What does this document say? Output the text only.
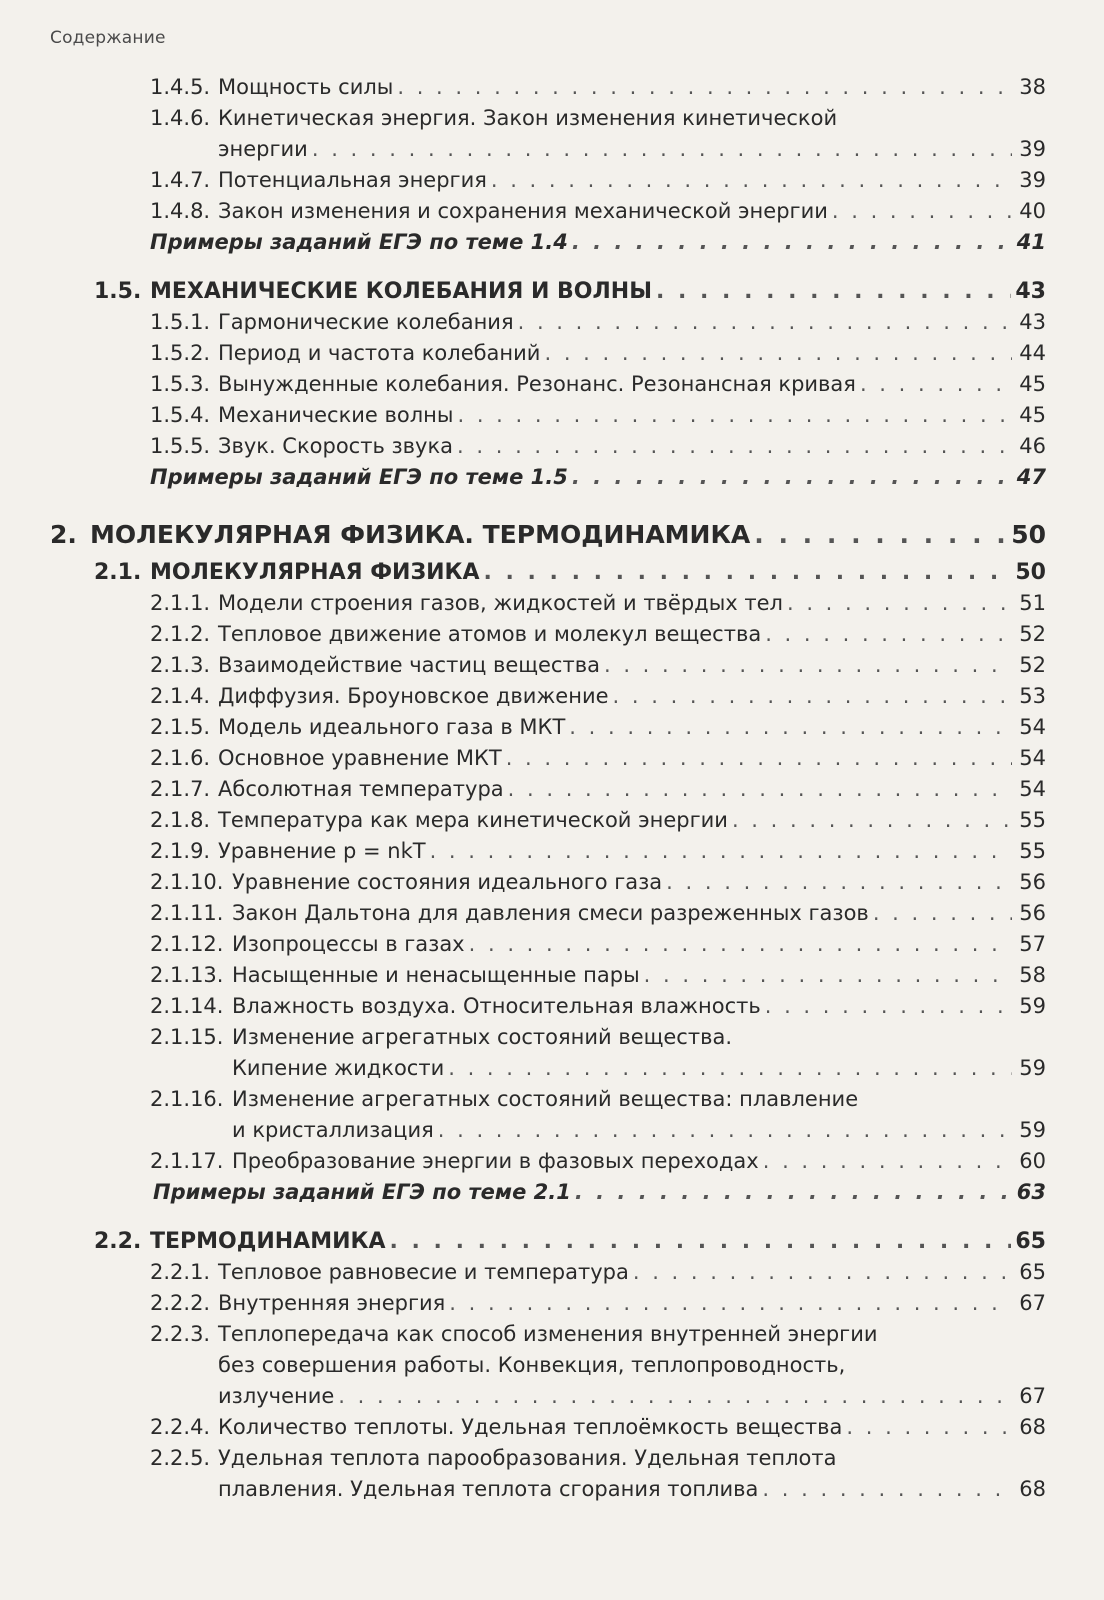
Содержание
1.4.5. Мощность силы . . .	38
1.4.6. Кинетическая энергия. Закон изменения кинетической
энергии . . .	39
1.4.7. Потенциальная энергия . . .	39
1.4.8. Закон изменения и сохранения механической энергии . . .	40
Примеры заданий ЕГЭ по теме 1.4 . . .	41
1.5. МЕХАНИЧЕСКИЕ КОЛЕБАНИЯ И ВОЛНЫ . . .	43
1.5.1. Гармонические колебания . . .	43
1.5.2. Период и частота колебаний . . .	44
1.5.3. Вынужденные колебания. Резонанс. Резонансная кривая . . .	45
1.5.4. Механические волны . . .	45
1.5.5. Звук. Скорость звука . . .	46
Примеры заданий ЕГЭ по теме 1.5 . . .	47
2. МОЛЕКУЛЯРНАЯ ФИЗИКА. ТЕРМОДИНАМИКА . . .	50
2.1. МОЛЕКУЛЯРНАЯ ФИЗИКА . . .	50
2.1.1. Модели строения газов, жидкостей и твёрдых тел . . .	51
2.1.2. Тепловое движение атомов и молекул вещества . . .	52
2.1.3. Взаимодействие частиц вещества . . .	52
2.1.4. Диффузия. Броуновское движение . . .	53
2.1.5. Модель идеального газа в МКТ . . .	54
2.1.6. Основное уравнение МКТ . . .	54
2.1.7. Абсолютная температура . . .	54
2.1.8. Температура как мера кинетической энергии . . .	55
2.1.9. Уравнение p = nkT . . .	55
2.1.10. Уравнение состояния идеального газа . . .	56
2.1.11. Закон Дальтона для давления смеси разреженных газов . . .	56
2.1.12. Изопроцессы в газах . . .	57
2.1.13. Насыщенные и ненасыщенные пары . . .	58
2.1.14. Влажность воздуха. Относительная влажность . . .	59
2.1.15. Изменение агрегатных состояний вещества.
Кипение жидкости . . .	59
2.1.16. Изменение агрегатных состояний вещества: плавление
и кристаллизация . . .	59
2.1.17. Преобразование энергии в фазовых переходах . . .	60
Примеры заданий ЕГЭ по теме 2.1 . . .	63
2.2. ТЕРМОДИНАМИКА . . .	65
2.2.1. Тепловое равновесие и температура . . .	65
2.2.2. Внутренняя энергия . . .	67
2.2.3. Теплопередача как способ изменения внутренней энергии
без совершения работы. Конвекция, теплопроводность,
излучение . . .	67
2.2.4. Количество теплоты. Удельная теплоёмкость вещества . . .	68
2.2.5. Удельная теплота парообразования. Удельная теплота
плавления. Удельная теплота сгорания топлива . . .	68
